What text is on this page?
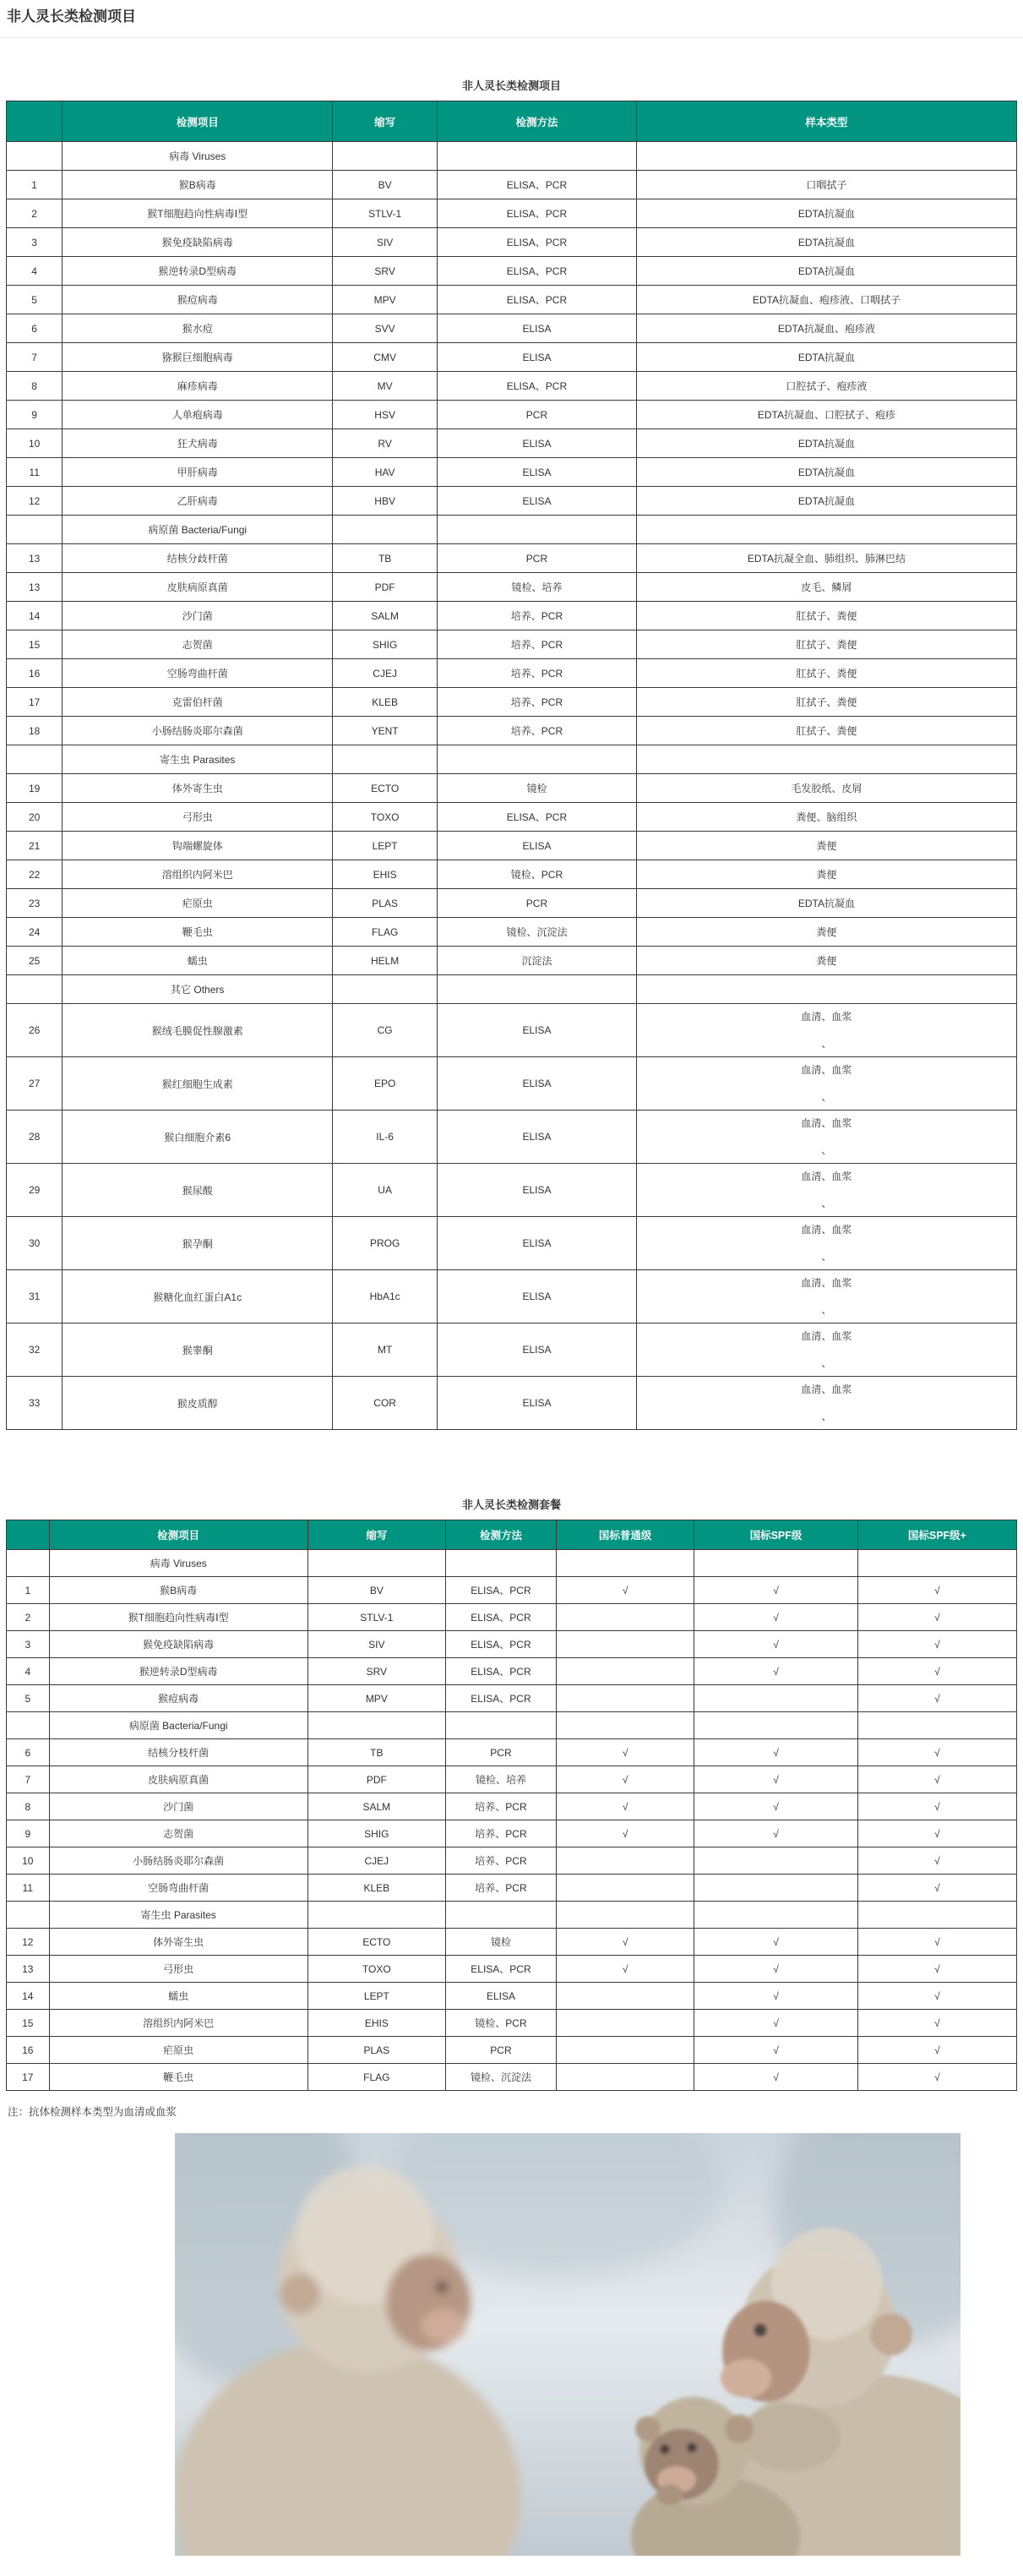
非人灵长类检测项目
非人灵长类检测项目
	检测项目	缩写	检测方法	样本类型
	病毒 Viruses			
1	猴B病毒	BV	ELISA、PCR	口咽拭子
2	猴T细胞趋向性病毒Ⅰ型	STLV-1	ELISA、PCR	EDTA抗凝血
3	猴免疫缺陷病毒	SIV	ELISA、PCR	EDTA抗凝血
4	猴逆转录D型病毒	SRV	ELISA、PCR	EDTA抗凝血
5	猴痘病毒	MPV	ELISA、PCR	EDTA抗凝血、疱疹液、口咽拭子
6	猴水痘	SVV	ELISA	EDTA抗凝血、疱疹液
7	猕猴巨细胞病毒	CMV	ELISA	EDTA抗凝血
8	麻疹病毒	MV	ELISA、PCR	口腔拭子、疱疹液
9	人单疱病毒	HSV	PCR	EDTA抗凝血、口腔拭子、疱疹
10	狂犬病毒	RV	ELISA	EDTA抗凝血
11	甲肝病毒	HAV	ELISA	EDTA抗凝血
12	乙肝病毒	HBV	ELISA	EDTA抗凝血
	病原菌 Bacteria/Fungi			
13	结核分歧杆菌	TB	PCR	EDTA抗凝全血、肺组织、肺淋巴结
13	皮肤病原真菌	PDF	镜检、培养	皮毛、鳞屑
14	沙门菌	SALM	培养、PCR	肛拭子、粪便
15	志贺菌	SHIG	培养、PCR	肛拭子、粪便
16	空肠弯曲杆菌	CJEJ	培养、PCR	肛拭子、粪便
17	克雷伯杆菌	KLEB	培养、PCR	肛拭子、粪便
18	小肠结肠炎耶尔森菌	YENT	培养、PCR	肛拭子、粪便
	寄生虫 Parasites			
19	体外寄生虫	ECTO	镜检	毛发胶纸、皮屑
20	弓形虫	TOXO	ELISA、PCR	粪便、脑组织
21	钩端螺旋体	LEPT	ELISA	粪便
22	溶组织内阿米巴	EHIS	镜检、PCR	粪便
23	疟原虫	PLAS	PCR	EDTA抗凝血
24	鞭毛虫	FLAG	镜检、沉淀法	粪便
25	蠕虫	HELM	沉淀法	粪便
	其它 Others			
26	猴绒毛膜促性腺激素	CG	ELISA	血清、血浆
、

27	猴红细胞生成素	EPO	ELISA	血清、血浆
、

28	猴白细胞介素6	IL-6	ELISA	血清、血浆
、

29	猴尿酸	UA	ELISA	血清、血浆
、

30	猴孕酮	PROG	ELISA	血清、血浆
、

31	猴糖化血红蛋白A1c	HbA1c	ELISA	血清、血浆
、

32	猴睾酮	MT	ELISA	血清、血浆
、

33	猴皮质醇	COR	ELISA	血清、血浆
、
非人灵长类检测套餐
	检测项目	缩写	检测方法	国标普通级	国标SPF级	国标SPF级+
	病毒 Viruses					
1	猴B病毒	BV	ELISA、PCR	√	√	√
2	猴T细胞趋向性病毒Ⅰ型	STLV-1	ELISA、PCR		√	√
3	猴免疫缺陷病毒	SIV	ELISA、PCR		√	√
4	猴逆转录D型病毒	SRV	ELISA、PCR		√	√
5	猴痘病毒	MPV	ELISA、PCR			√
	病原菌 Bacteria/Fungi					
6	结核分枝杆菌	TB	PCR	√	√	√
7	皮肤病原真菌	PDF	镜检、培养	√	√	√
8	沙门菌	SALM	培养、PCR	√	√	√
9	志贺菌	SHIG	培养、PCR	√	√	√
10	小肠结肠炎耶尔森菌	CJEJ	培养、PCR			√
11	空肠弯曲杆菌	KLEB	培养、PCR			√
	寄生虫 Parasites					
12	体外寄生虫	ECTO	镜检	√	√	√
13	弓形虫	TOXO	ELISA、PCR	√	√	√
14	蠕虫	LEPT	ELISA		√	√
15	溶组织内阿米巴	EHIS	镜检、PCR		√	√
16	疟原虫	PLAS	PCR		√	√
17	鞭毛虫	FLAG	镜检、沉淀法		√	√
注：抗体检测样本类型为血清或血浆
